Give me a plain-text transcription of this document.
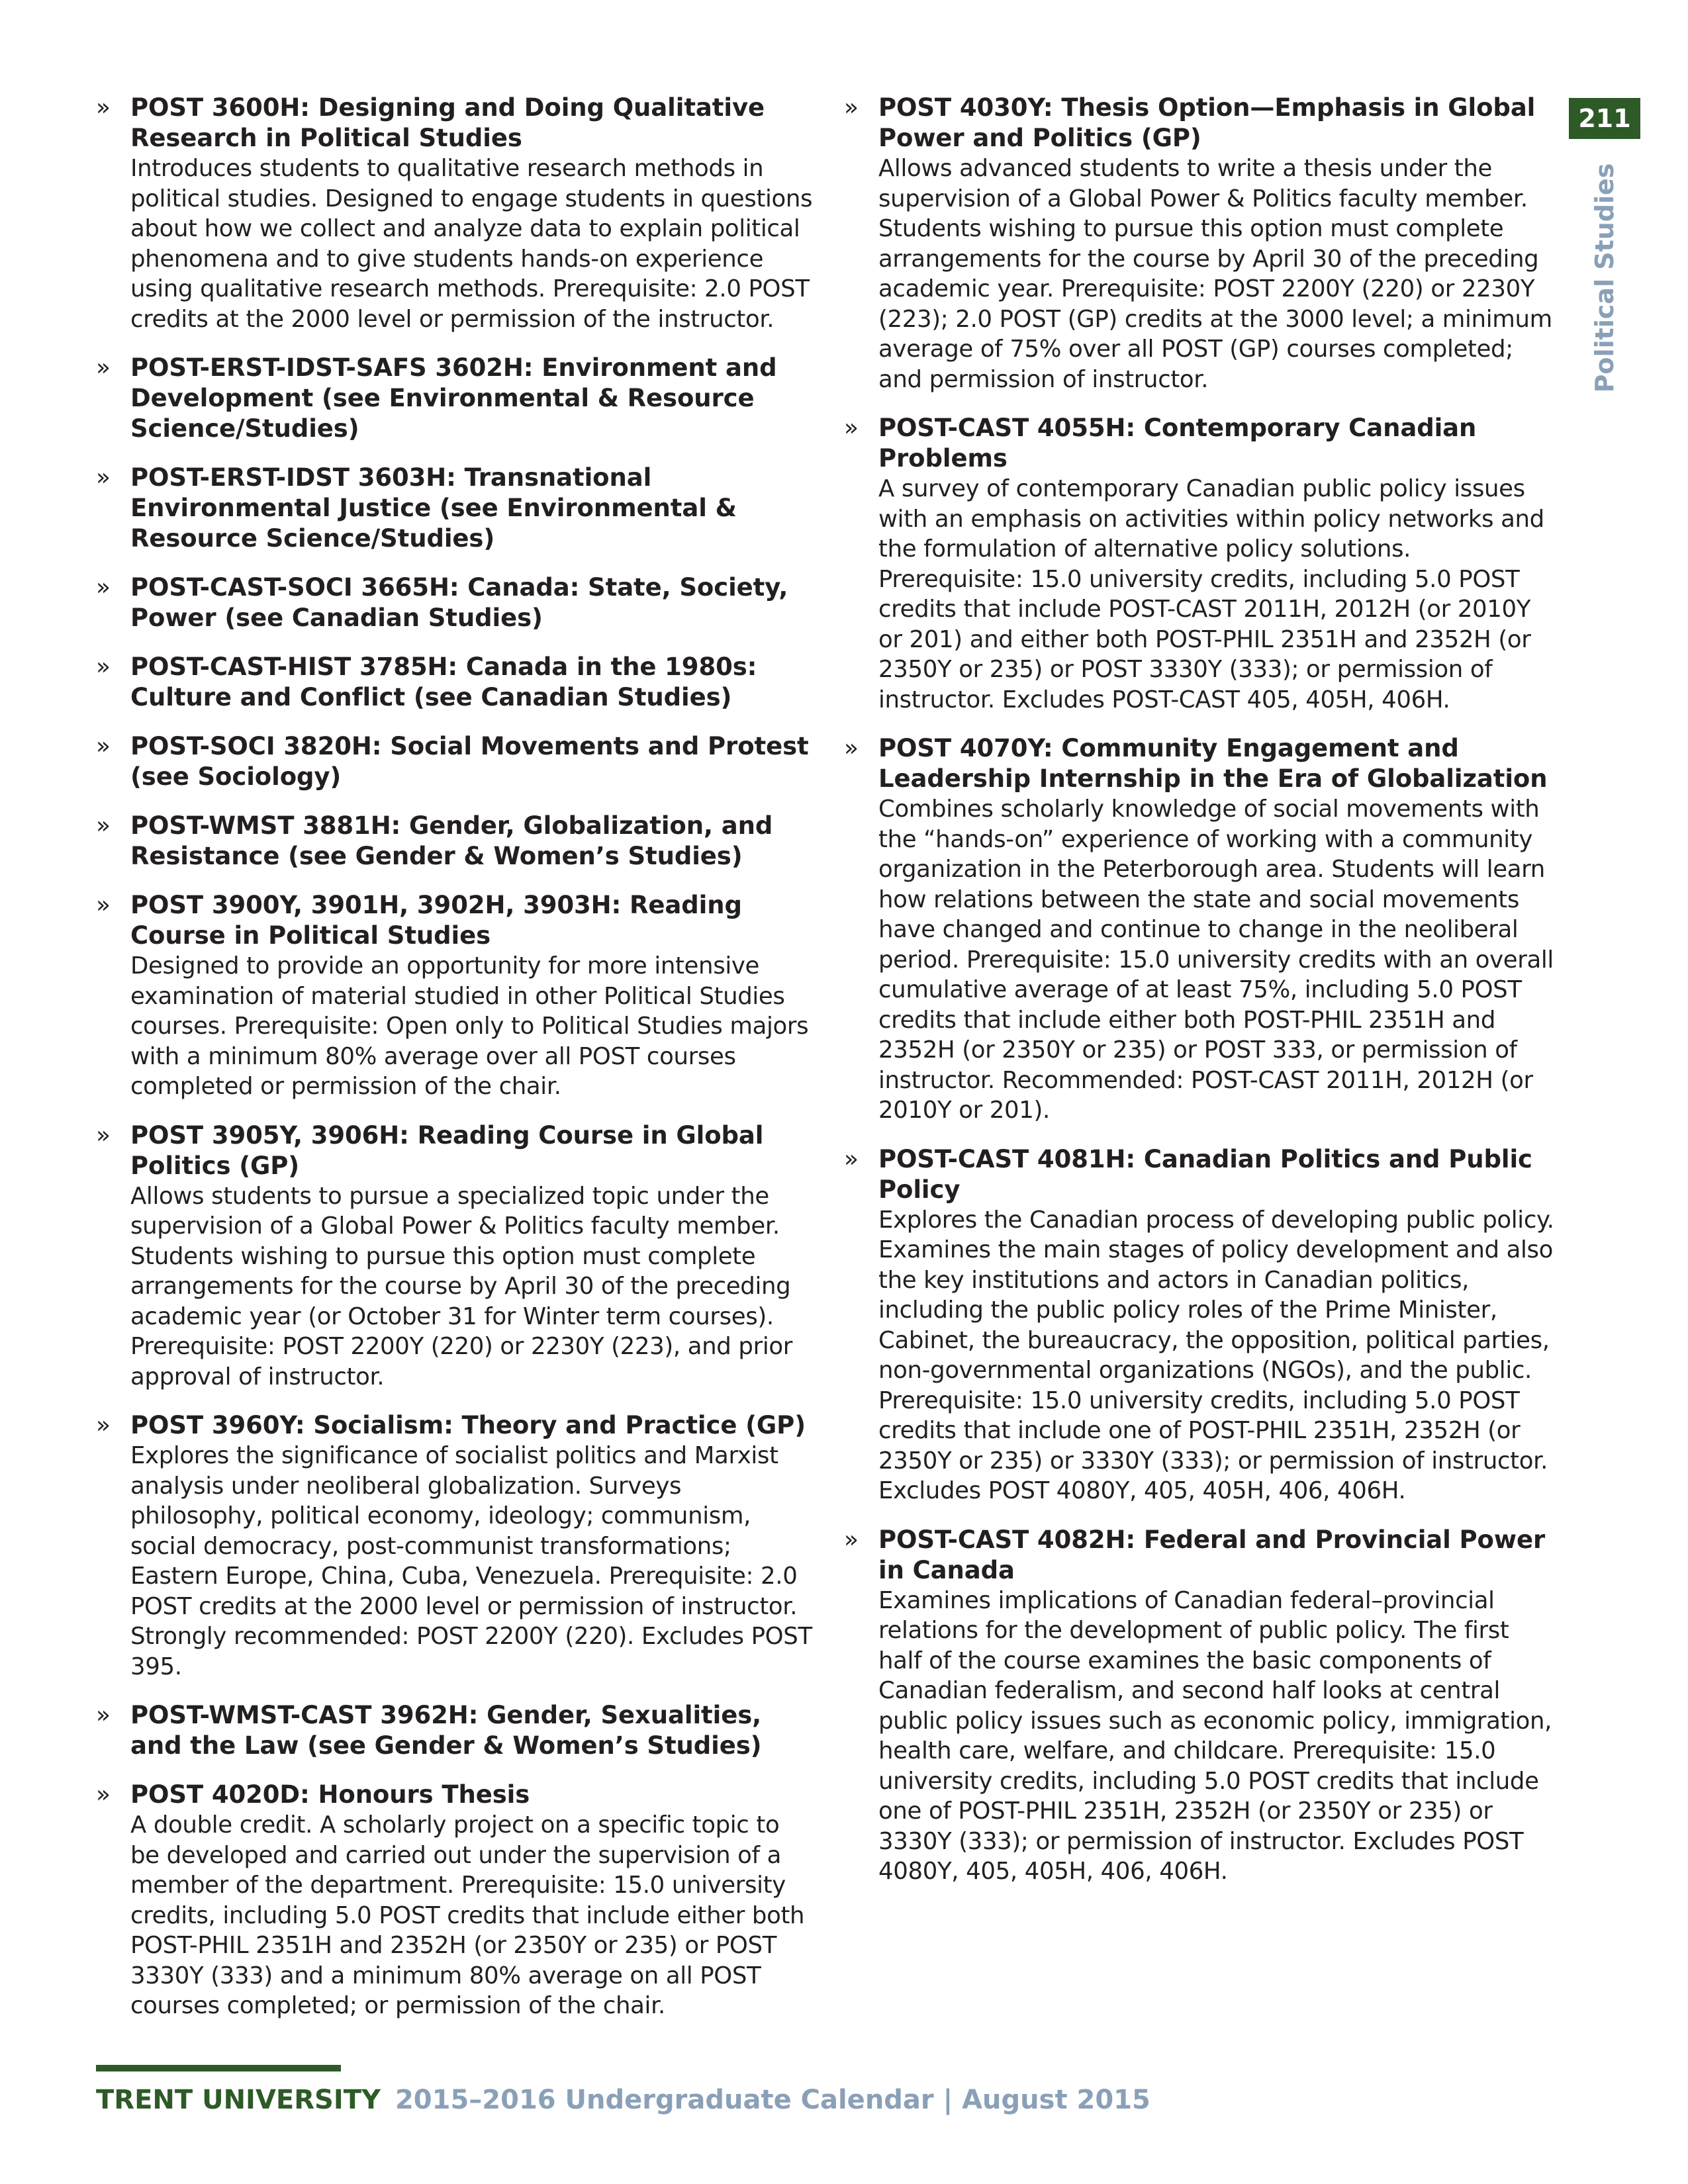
» POST 3600H: Designing and Doing Qualitative Research in Political Studies
Introduces students to qualitative research methods in political studies. Designed to engage students in questions about how we collect and analyze data to explain political phenomena and to give students hands-on experience using qualitative research methods. Prerequisite: 2.0 POST credits at the 2000 level or permission of the instructor.
» POST-ERST-IDST-SAFS 3602H: Environment and Development (see Environmental & Resource Science/Studies)
» POST-ERST-IDST 3603H: Transnational Environmental Justice (see Environmental & Resource Science/Studies)
» POST-CAST-SOCI 3665H: Canada: State, Society, Power (see Canadian Studies)
» POST-CAST-HIST 3785H: Canada in the 1980s: Culture and Conflict (see Canadian Studies)
» POST-SOCI 3820H: Social Movements and Protest (see Sociology)
» POST-WMST 3881H: Gender, Globalization, and Resistance (see Gender & Women’s Studies)
» POST 3900Y, 3901H, 3902H, 3903H: Reading Course in Political Studies
Designed to provide an opportunity for more intensive examination of material studied in other Political Studies courses. Prerequisite: Open only to Political Studies majors with a minimum 80% average over all POST courses completed or permission of the chair.
» POST 3905Y, 3906H: Reading Course in Global Politics (GP)
Allows students to pursue a specialized topic under the supervision of a Global Power & Politics faculty member. Students wishing to pursue this option must complete arrangements for the course by April 30 of the preceding academic year (or October 31 for Winter term courses). Prerequisite: POST 2200Y (220) or 2230Y (223), and prior approval of instructor.
» POST 3960Y: Socialism: Theory and Practice (GP)
Explores the significance of socialist politics and Marxist analysis under neoliberal globalization. Surveys philosophy, political economy, ideology; communism, social democracy, post-communist transformations; Eastern Europe, China, Cuba, Venezuela. Prerequisite: 2.0 POST credits at the 2000 level or permission of instructor. Strongly recommended: POST 2200Y (220). Excludes POST 395.
» POST-WMST-CAST 3962H: Gender, Sexualities, and the Law (see Gender & Women’s Studies)
» POST 4020D: Honours Thesis
A double credit. A scholarly project on a specific topic to be developed and carried out under the supervision of a member of the department. Prerequisite: 15.0 university credits, including 5.0 POST credits that include either both POST-PHIL 2351H and 2352H (or 2350Y or 235) or POST 3330Y (333) and a minimum 80% average on all POST courses completed; or permission of the chair.
» POST 4030Y: Thesis Option—Emphasis in Global Power and Politics (GP)
Allows advanced students to write a thesis under the supervision of a Global Power & Politics faculty member. Students wishing to pursue this option must complete arrangements for the course by April 30 of the preceding academic year. Prerequisite: POST 2200Y (220) or 2230Y (223); 2.0 POST (GP) credits at the 3000 level; a minimum average of 75% over all POST (GP) courses completed; and permission of instructor.
» POST-CAST 4055H: Contemporary Canadian Problems
A survey of contemporary Canadian public policy issues with an emphasis on activities within policy networks and the formulation of alternative policy solutions. Prerequisite: 15.0 university credits, including 5.0 POST credits that include POST-CAST 2011H, 2012H (or 2010Y or 201) and either both POST-PHIL 2351H and 2352H (or 2350Y or 235) or POST 3330Y (333); or permission of instructor. Excludes POST-CAST 405, 405H, 406H.
» POST 4070Y: Community Engagement and Leadership Internship in the Era of Globalization
Combines scholarly knowledge of social movements with the “hands-on” experience of working with a community organization in the Peterborough area. Students will learn how relations between the state and social movements have changed and continue to change in the neoliberal period. Prerequisite: 15.0 university credits with an overall cumulative average of at least 75%, including 5.0 POST credits that include either both POST-PHIL 2351H and 2352H (or 2350Y or 235) or POST 333, or permission of instructor. Recommended: POST-CAST 2011H, 2012H (or 2010Y or 201).
» POST-CAST 4081H: Canadian Politics and Public Policy
Explores the Canadian process of developing public policy. Examines the main stages of policy development and also the key institutions and actors in Canadian politics, including the public policy roles of the Prime Minister, Cabinet, the bureaucracy, the opposition, political parties, non-governmental organizations (NGOs), and the public. Prerequisite: 15.0 university credits, including 5.0 POST credits that include one of POST-PHIL 2351H, 2352H (or 2350Y or 235) or 3330Y (333); or permission of instructor. Excludes POST 4080Y, 405, 405H, 406, 406H.
» POST-CAST 4082H: Federal and Provincial Power in Canada
Examines implications of Canadian federal–provincial relations for the development of public policy. The first half of the course examines the basic components of Canadian federalism, and second half looks at central public policy issues such as economic policy, immigration, health care, welfare, and childcare. Prerequisite: 15.0 university credits, including 5.0 POST credits that include one of POST-PHIL 2351H, 2352H (or 2350Y or 235) or 3330Y (333); or permission of instructor. Excludes POST 4080Y, 405, 405H, 406, 406H.
211
Political Studies
TRENT UNIVERSITY 2015–2016 Undergraduate Calendar | August 2015
